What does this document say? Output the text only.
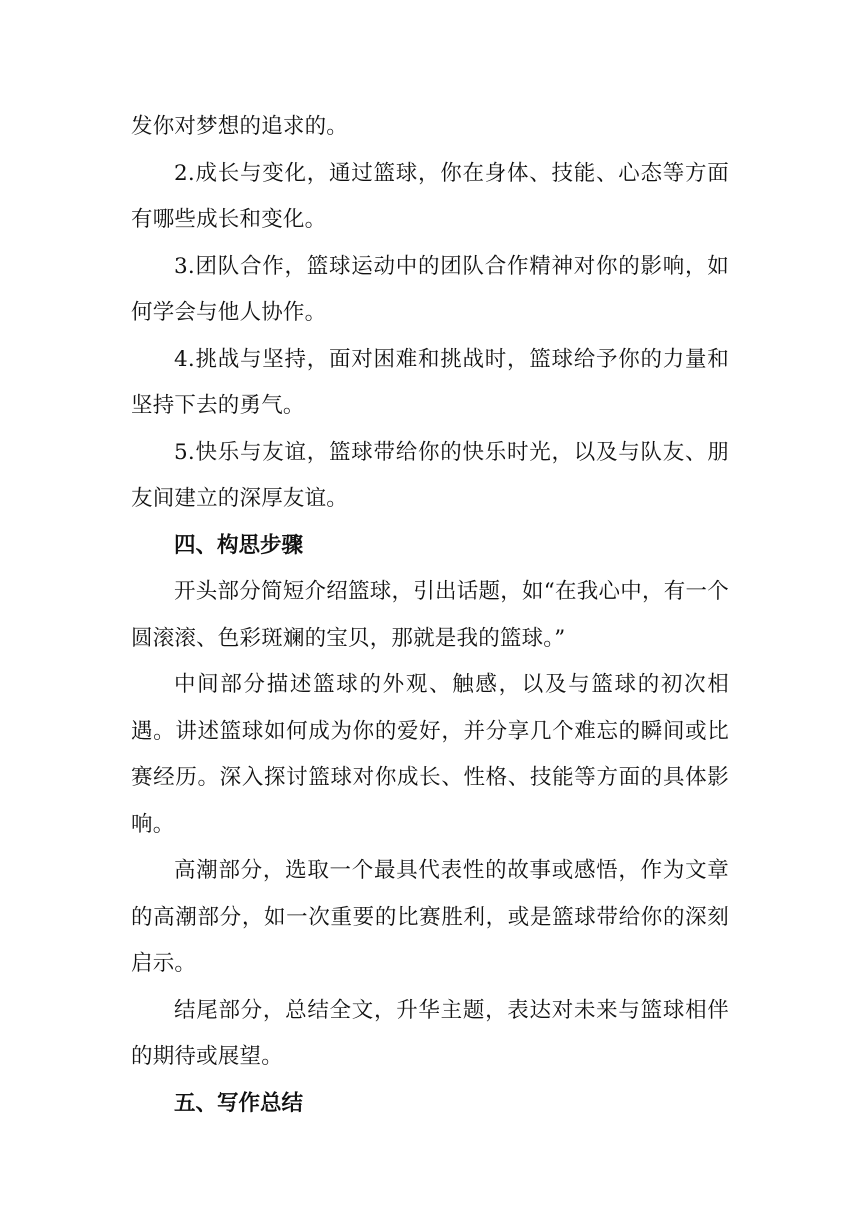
发你对梦想的追求的。

2.成长与变化，通过篮球，你在身体、技能、心态等方面有哪些成长和变化。

3.团队合作，篮球运动中的团队合作精神对你的影响，如何学会与他人协作。

4.挑战与坚持，面对困难和挑战时，篮球给予你的力量和坚持下去的勇气。

5.快乐与友谊，篮球带给你的快乐时光，以及与队友、朋友间建立的深厚友谊。

四、构思步骤

开头部分简短介绍篮球，引出话题，如“在我心中，有一个圆滚滚、色彩斑斓的宝贝，那就是我的篮球。”

中间部分描述篮球的外观、触感，以及与篮球的初次相遇。讲述篮球如何成为你的爱好，并分享几个难忘的瞬间或比赛经历。深入探讨篮球对你成长、性格、技能等方面的具体影响。

高潮部分，选取一个最具代表性的故事或感悟，作为文章的高潮部分，如一次重要的比赛胜利，或是篮球带给你的深刻启示。

结尾部分，总结全文，升华主题，表达对未来与篮球相伴的期待或展望。

五、写作总结
